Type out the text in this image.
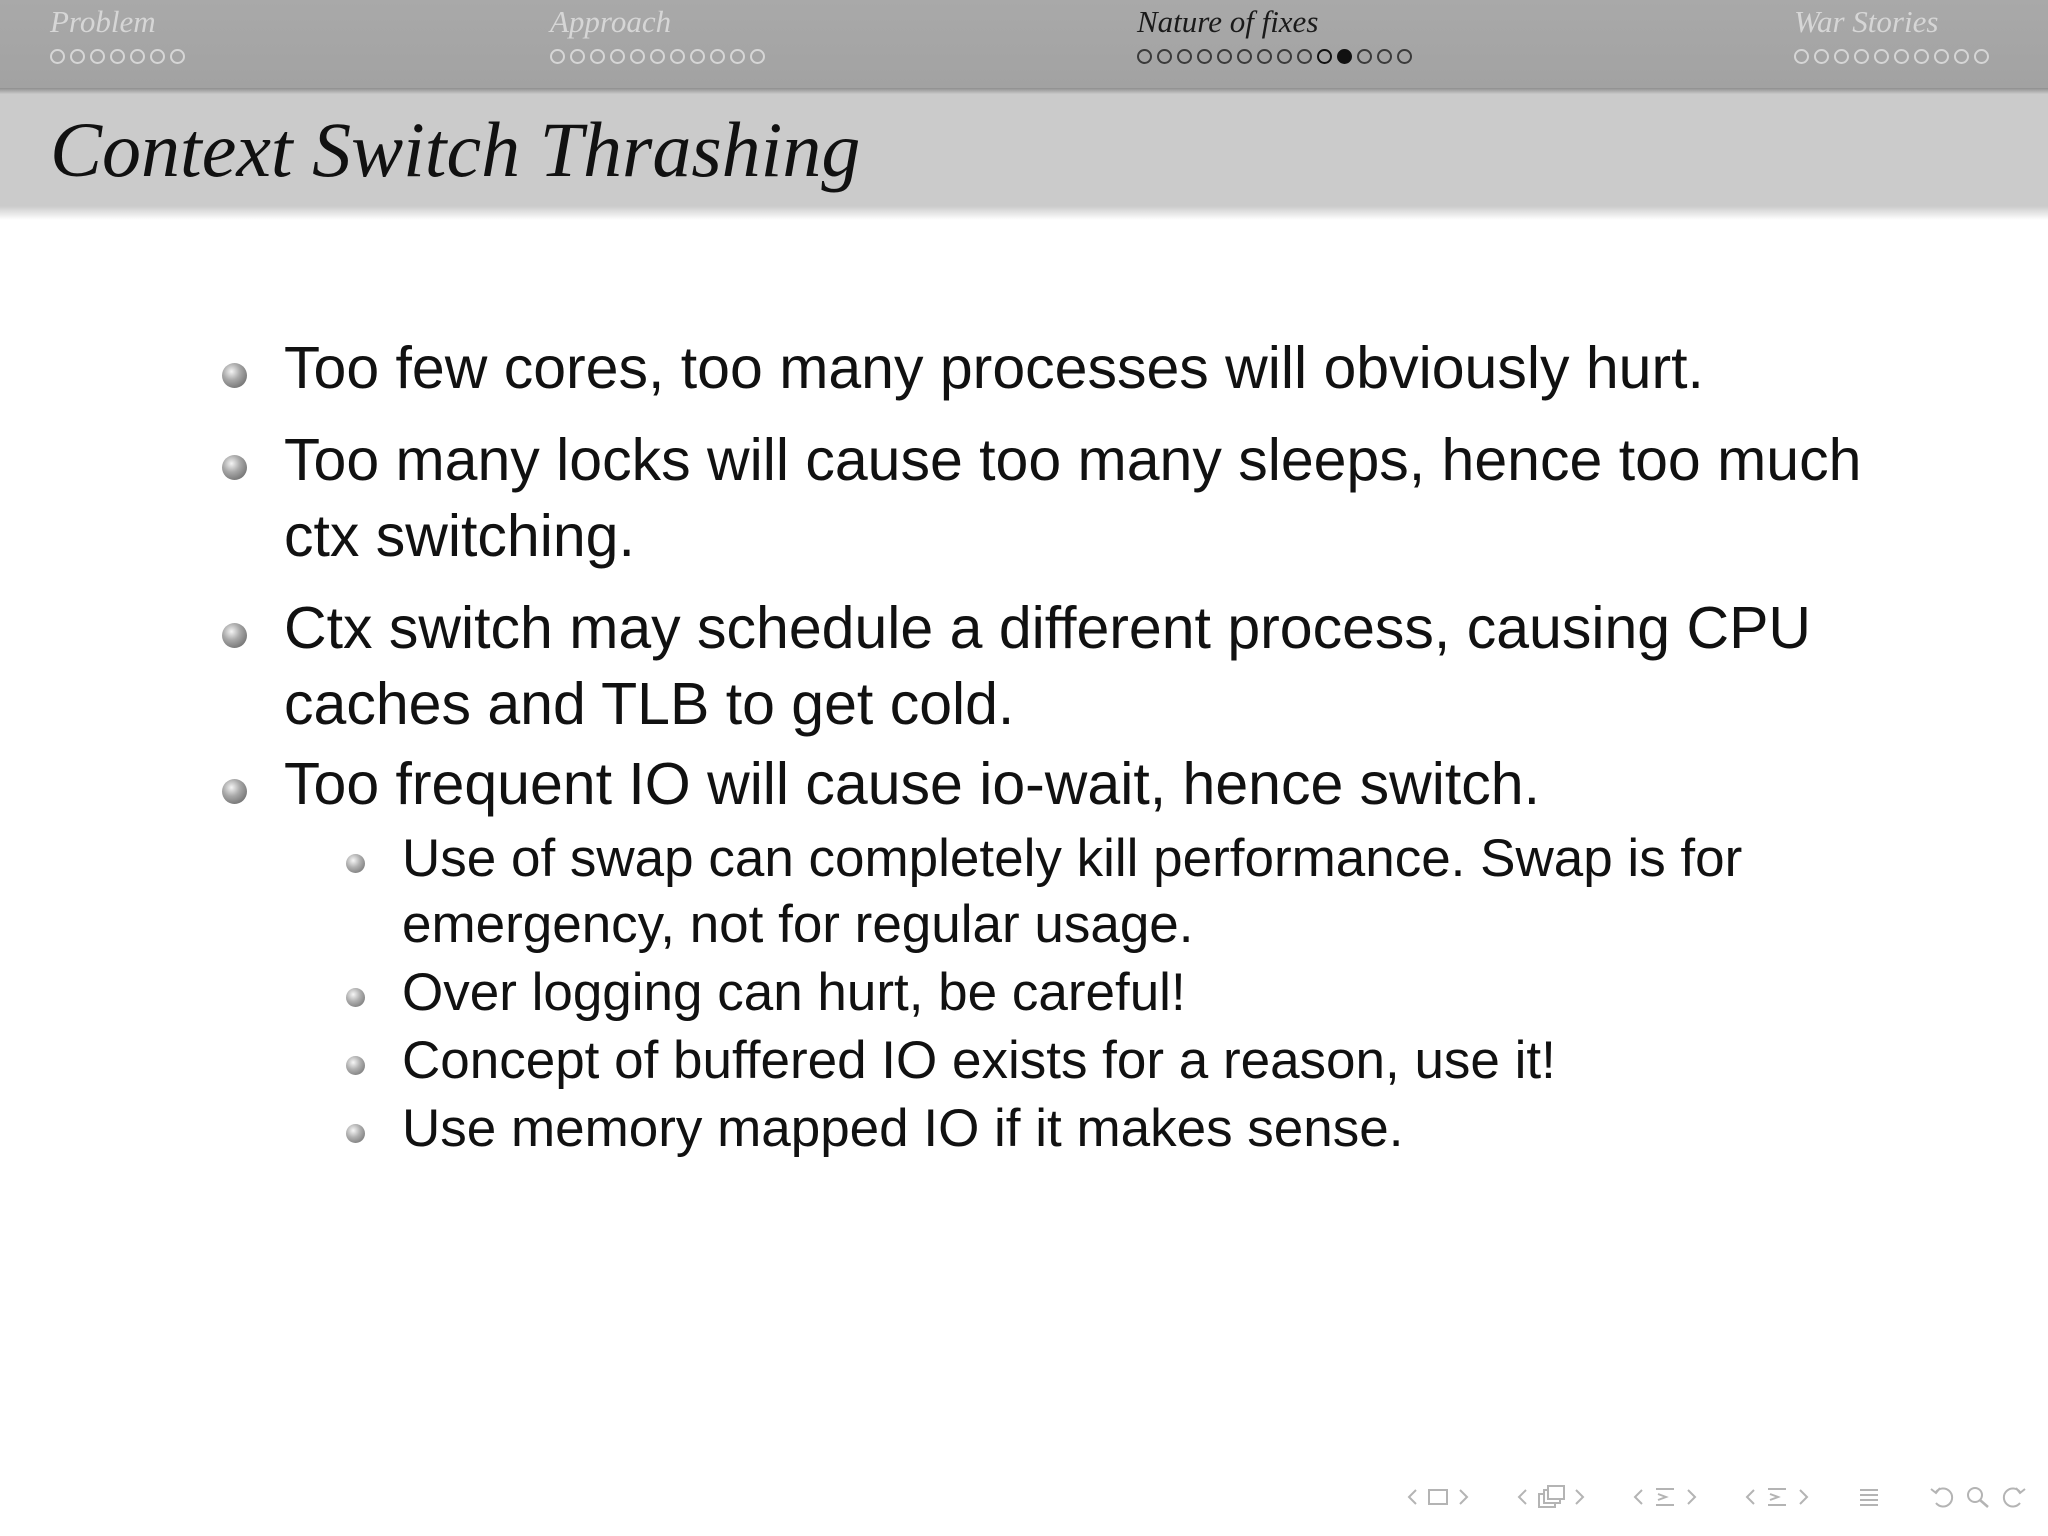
Problem	Approach	Nature of fixes	War Stories
Context Switch Thrashing
Too few cores, too many processes will obviously hurt.
Too many locks will cause too many sleeps, hence too much ctx switching.
Ctx switch may schedule a different process, causing CPU caches and TLB to get cold.
Too frequent IO will cause io-wait, hence switch.
Use of swap can completely kill performance. Swap is for emergency, not for regular usage.
Over logging can hurt, be careful!
Concept of buffered IO exists for a reason, use it!
Use memory mapped IO if it makes sense.
